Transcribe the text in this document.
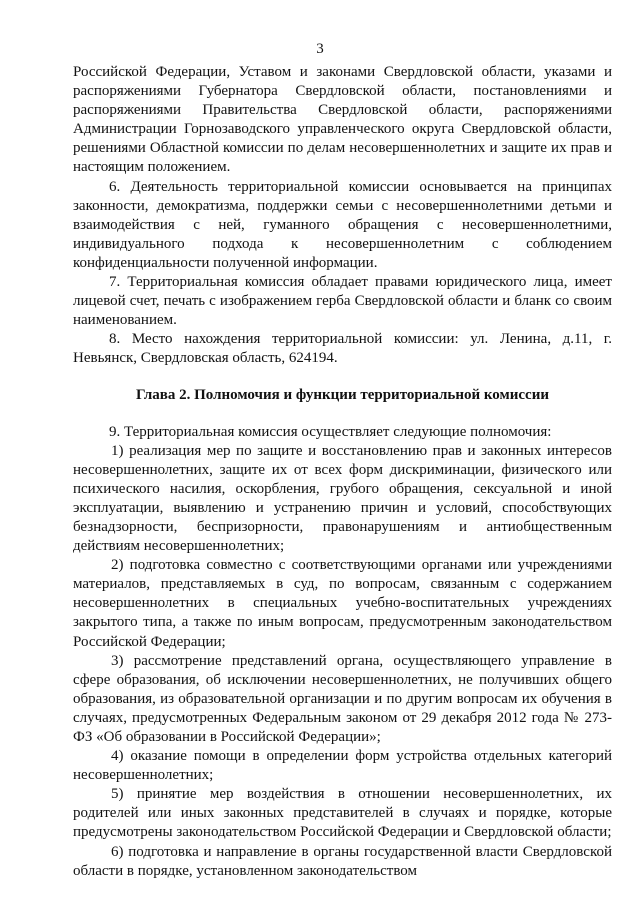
3

Российской Федерации, Уставом и законами Свердловской области, указами и распоряжениями Губернатора Свердловской области, постановлениями и распоряжениями Правительства Свердловской области, распоряжениями Администрации Горнозаводского управленческого округа Свердловской области, решениями Областной комиссии по делам несовершеннолетних и защите их прав и настоящим положением.

6. Деятельность территориальной комиссии основывается на принципах законности, демократизма, поддержки семьи с несовершеннолетними детьми и взаимодействия с ней, гуманного обращения с несовершеннолетними, индивидуального подхода к несовершеннолетним с соблюдением конфиденциальности полученной информации.

7. Территориальная комиссия обладает правами юридического лица, имеет лицевой счет, печать с изображением герба Свердловской области и бланк со своим наименованием.

8. Место нахождения территориальной комиссии: ул. Ленина, д.11, г. Невьянск, Свердловская область, 624194.

Глава 2. Полномочия и функции территориальной комиссии

9. Территориальная комиссия осуществляет следующие полномочия:

1) реализация мер по защите и восстановлению прав и законных интересов несовершеннолетних, защите их от всех форм дискриминации, физического или психического насилия, оскорбления, грубого обращения, сексуальной и иной эксплуатации, выявлению и устранению причин и условий, способствующих безнадзорности, беспризорности, правонарушениям и антиобщественным действиям несовершеннолетних;

2) подготовка совместно с соответствующими органами или учреждениями материалов, представляемых в суд, по вопросам, связанным с содержанием несовершеннолетних в специальных учебно-воспитательных учреждениях закрытого типа, а также по иным вопросам, предусмотренным законодательством Российской Федерации;

3) рассмотрение представлений органа, осуществляющего управление в сфере образования, об исключении несовершеннолетних, не получивших общего образования, из образовательной организации и по другим вопросам их обучения в случаях, предусмотренных Федеральным законом от 29 декабря 2012 года № 273-ФЗ «Об образовании в Российской Федерации»;

4) оказание помощи в определении форм устройства отдельных категорий несовершеннолетних;

5) принятие мер воздействия в отношении несовершеннолетних, их родителей или иных законных представителей в случаях и порядке, которые предусмотрены законодательством Российской Федерации и Свердловской области;

6) подготовка и направление в органы государственной власти Свердловской области в порядке, установленном законодательством
